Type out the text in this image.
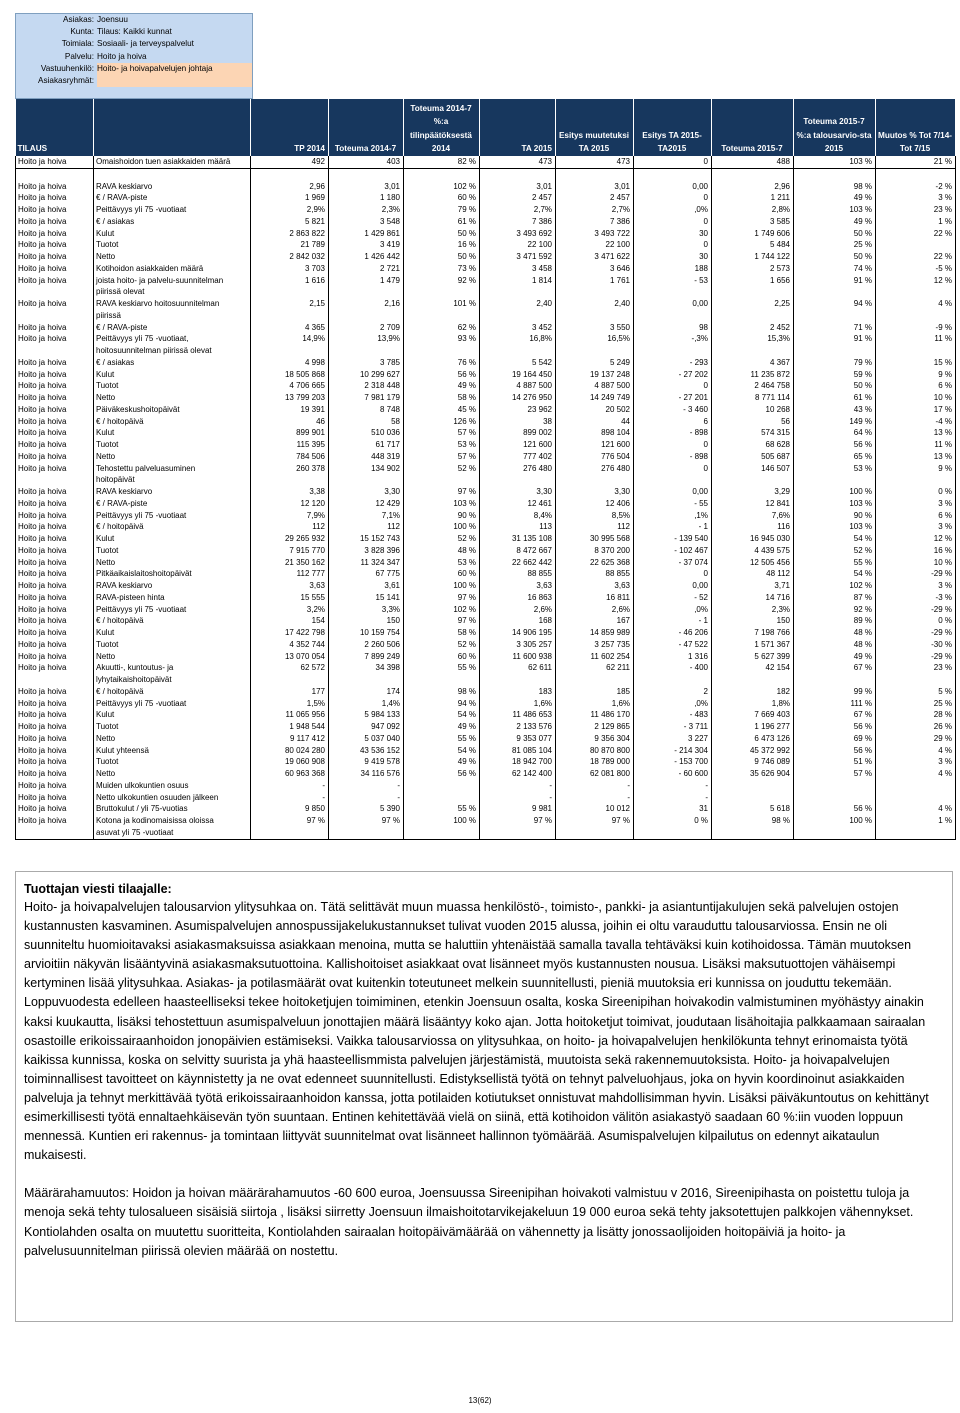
Asiakas: Joensuu
Kunta: Tilaus: Kaikki kunnat
Toimiala: Sosiaali- ja terveyspalvelut
Palvelu: Hoito ja hoiva
Vastuuhenkilö: Hoito- ja hoivapalvelujen johtaja
Asiakasryhmät:
TILAUS		TP 2014	Toteuma 2014-7	Toteuma 2014-7 %:a tilinpäätöksestä 2014	TA 2015	Esitys muutetuksi TA 2015	Esitys TA 2015-TA2015	Toteuma 2015-7	Toteuma 2015-7 %:a talousarvio-sta 2015	Muutos % Tot 7/14-Tot 7/15
Hoito ja hoiva	Omaishoidon tuen asiakkaiden määrä	492	403	82 %	473	473	0	488	103 %	21 %

Hoito ja hoiva	RAVA keskiarvo	2,96	3,01	102 %	3,01	3,01	0,00	2,96	98 %	-2 %
Hoito ja hoiva	€ / RAVA-piste	1 969	1 180	60 %	2 457	2 457	0	1 211	49 %	3 %
Hoito ja hoiva	Peittävyys yli 75 -vuotiaat	2,9%	2,3%	79 %	2,7%	2,7%	,0%	2,8%	103 %	23 %
Hoito ja hoiva	€ / asiakas	5 821	3 548	61 %	7 386	7 386	0	3 585	49 %	1 %
Hoito ja hoiva	Kulut	2 863 822	1 429 861	50 %	3 493 692	3 493 722	30	1 749 606	50 %	22 %
Hoito ja hoiva	Tuotot	21 789	3 419	16 %	22 100	22 100	0	5 484	25 %	
Hoito ja hoiva	Netto	2 842 032	1 426 442	50 %	3 471 592	3 471 622	30	1 744 122	50 %	22 %
Hoito ja hoiva	Kotihoidon asiakkaiden määrä	3 703	2 721	73 %	3 458	3 646	188	2 573	74 %	-5 %
Hoito ja hoiva	joista hoito- ja palvelu-suunnitelman	1 616	1 479	92 %	1 814	1 761	- 53	1 656	91 %	12 %
	piirissä olevat									
Hoito ja hoiva	RAVA keskiarvo hoitosuunnitelman	2,15	2,16	101 %	2,40	2,40	0,00	2,25	94 %	4 %
	piirissä									
Hoito ja hoiva	€ / RAVA-piste	4 365	2 709	62 %	3 452	3 550	98	2 452	71 %	-9 %
Hoito ja hoiva	Peittävyys yli 75 -vuotiaat,	14,9%	13,9%	93 %	16,8%	16,5%	-,3%	15,3%	91 %	11 %
	hoitosuunnitelman piirissä olevat									
Hoito ja hoiva	€ / asiakas	4 998	3 785	76 %	5 542	5 249	- 293	4 367	79 %	15 %
Hoito ja hoiva	Kulut	18 505 868	10 299 627	56 %	19 164 450	19 137 248	- 27 202	11 235 872	59 %	9 %
Hoito ja hoiva	Tuotot	4 706 665	2 318 448	49 %	4 887 500	4 887 500	0	2 464 758	50 %	6 %
Hoito ja hoiva	Netto	13 799 203	7 981 179	58 %	14 276 950	14 249 749	- 27 201	8 771 114	61 %	10 %
Hoito ja hoiva	Päiväkeskushoitopäivät	19 391	8 748	45 %	23 962	20 502	- 3 460	10 268	43 %	17 %
Hoito ja hoiva	€ / hoitopäivä	46	58	126 %	38	44	6	56	149 %	-4 %
Hoito ja hoiva	Kulut	899 901	510 036	57 %	899 002	898 104	- 898	574 315	64 %	13 %
Hoito ja hoiva	Tuotot	115 395	61 717	53 %	121 600	121 600	0	68 628	56 %	11 %
Hoito ja hoiva	Netto	784 506	448 319	57 %	777 402	776 504	- 898	505 687	65 %	13 %
Hoito ja hoiva	Tehostettu palveluasuminen	260 378	134 902	52 %	276 480	276 480	0	146 507	53 %	9 %
	hoitopäivät									
Hoito ja hoiva	RAVA keskiarvo	3,38	3,30	97 %	3,30	3,30	0,00	3,29	100 %	0 %
Hoito ja hoiva	€ / RAVA-piste	12 120	12 429	103 %	12 461	12 406	- 55	12 841	103 %	3 %
Hoito ja hoiva	Peittävyys yli 75 -vuotiaat	7,9%	7,1%	90 %	8,4%	8,5%	,1%	7,6%	90 %	6 %
Hoito ja hoiva	€ / hoitopäivä	112	112	100 %	113	112	- 1	116	103 %	3 %
Hoito ja hoiva	Kulut	29 265 932	15 152 743	52 %	31 135 108	30 995 568	- 139 540	16 945 030	54 %	12 %
Hoito ja hoiva	Tuotot	7 915 770	3 828 396	48 %	8 472 667	8 370 200	- 102 467	4 439 575	52 %	16 %
Hoito ja hoiva	Netto	21 350 162	11 324 347	53 %	22 662 442	22 625 368	- 37 074	12 505 456	55 %	10 %
Hoito ja hoiva	Pitkäaikaislaitoshoitopäivät	112 777	67 775	60 %	88 855	88 855	0	48 112	54 %	-29 %
Hoito ja hoiva	RAVA keskiarvo	3,63	3,61	100 %	3,63	3,63	0,00	3,71	102 %	3 %
Hoito ja hoiva	RAVA-pisteen hinta	15 555	15 141	97 %	16 863	16 811	- 52	14 716	87 %	-3 %
Hoito ja hoiva	Peittävyys yli 75 -vuotiaat	3,2%	3,3%	102 %	2,6%	2,6%	,0%	2,3%	92 %	-29 %
Hoito ja hoiva	€ / hoitopäivä	154	150	97 %	168	167	- 1	150	89 %	0 %
Hoito ja hoiva	Kulut	17 422 798	10 159 754	58 %	14 906 195	14 859 989	- 46 206	7 198 766	48 %	-29 %
Hoito ja hoiva	Tuotot	4 352 744	2 260 506	52 %	3 305 257	3 257 735	- 47 522	1 571 367	48 %	-30 %
Hoito ja hoiva	Netto	13 070 054	7 899 249	60 %	11 600 938	11 602 254	1 316	5 627 399	49 %	-29 %
Hoito ja hoiva	Akuutti-, kuntoutus- ja	62 572	34 398	55 %	62 611	62 211	- 400	42 154	67 %	23 %
	lyhytaikaishoitopäivät									
Hoito ja hoiva	€ / hoitopäivä	177	174	98 %	183	185	2	182	99 %	5 %
Hoito ja hoiva	Peittävyys yli 75 -vuotiaat	1,5%	1,4%	94 %	1,6%	1,6%	,0%	1,8%	111 %	25 %
Hoito ja hoiva	Kulut	11 065 956	5 984 133	54 %	11 486 653	11 486 170	- 483	7 669 403	67 %	28 %
Hoito ja hoiva	Tuotot	1 948 544	947 092	49 %	2 133 576	2 129 865	- 3 711	1 196 277	56 %	26 %
Hoito ja hoiva	Netto	9 117 412	5 037 040	55 %	9 353 077	9 356 304	3 227	6 473 126	69 %	29 %
Hoito ja hoiva	Kulut yhteensä	80 024 280	43 536 152	54 %	81 085 104	80 870 800	- 214 304	45 372 992	56 %	4 %
Hoito ja hoiva	Tuotot	19 060 908	9 419 578	49 %	18 942 700	18 789 000	- 153 700	9 746 089	51 %	3 %
Hoito ja hoiva	Netto	60 963 368	34 116 576	56 %	62 142 400	62 081 800	- 60 600	35 626 904	57 %	4 %
Hoito ja hoiva	Muiden ulkokuntien osuus	-	-		-	-	-			
Hoito ja hoiva	Netto ulkokuntien osuuden jälkeen	-	-		-	-	-			
Hoito ja hoiva	Bruttokulut / yli 75-vuotias	9 850	5 390	55 %	9 981	10 012	31	5 618	56 %	4 %
Hoito ja hoiva	Kotona ja kodinomaisissa oloissa	97 %	97 %	100 %	97 %	97 %	0 %	98 %	100 %	1 %
	asuvat yli 75 -vuotiaat									
Tuottajan viesti tilaajalle:

Hoito- ja hoivapalvelujen talousarvion ylitysuhkaa on. Tätä selittävät muun muassa henkilöstö-, toimisto-, pankki- ja asiantuntijakulujen sekä palvelujen ostojen kustannusten kasvaminen. Asumispalvelujen annospussijakelukustannukset tulivat vuoden 2015 alussa, joihin ei oltu varauduttu talousarviossa. Ensin ne oli suunniteltu huomioitavaksi asiakasmaksuissa asiakkaan menoina, mutta se haluttiin yhtenäistää samalla tavalla tehtäväksi kuin kotihoidossa. Tämän muutoksen arvioitiin näkyvän lisääntyvinä asiakasmaksutuottoina. Kallishoitoiset asiakkaat ovat lisänneet myös kustannusten nousua. Lisäksi maksutuottojen vähäisempi kertyminen lisää ylitysuhkaa. Asiakas- ja potilasmäärät ovat kuitenkin toteutuneet melkein suunnitellusti, pieniä muutoksia eri kunnissa on jouduttu tekemään. Loppuvuodesta edelleen haasteelliseksi tekee hoitoketjujen toimiminen, etenkin Joensuun osalta, koska Sireenipihan hoivakodin valmistuminen myöhästyy ainakin kaksi kuukautta, lisäksi tehostettuun asumispalveluun jonottajien määrä lisääntyy koko ajan. Jotta hoitoketjut toimivat, joudutaan lisähoitajia palkkaamaan sairaalan osastoille erikoissairaanhoidon jonopäivien estämiseksi. Vaikka talousarviossa on ylitysuhkaa, on hoito- ja hoivapalvelujen henkilökunta tehnyt erinomaista työtä kaikissa kunnissa, koska on selvitty suurista ja yhä haasteellismmista palvelujen järjestämistä, muutoista sekä rakennemuutoksista. Hoito- ja hoivapalvelujen toiminnallisest tavoitteet on käynnistetty ja ne ovat edenneet suunnitellusti. Edistyksellistä työtä on tehnyt palveluohjaus, joka on hyvin koordinoinut asiakkaiden palveluja ja tehnyt merkittävää työtä erikoissairaanhoidon kanssa, jotta potilaiden kotiutukset onnistuvat mahdollisimman hyvin. Lisäksi päiväkuntoutus on kehittänyt esimerkillisesti työtä ennaltaehkäisevän työn suuntaan. Entinen kehitettävää vielä on siinä, että kotihoidon välitön asiakastyö saadaan 60 %:iin vuoden loppuun mennessä. Kuntien eri rakennus- ja tomintaan liittyvät suunnitelmat ovat lisänneet hallinnon työmäärää. Asumispalvelujen kilpailutus on edennyt aikataulun mukaisesti.

Määrärahamuutos: Hoidon ja hoivan määrärahamuutos -60 600 euroa, Joensuussa Sireenipihan hoivakoti valmistuu v 2016, Sireenipihasta on poistettu tuloja ja menoja sekä tehty tulosalueen sisäisiä siirtoja , lisäksi siirretty Joensuun ilmaishoitotarvikejakeluun 19 000 euroa sekä tehty jaksotettujen palkkojen vähennykset. Kontiolahden osalta on muutettu suoritteita, Kontiolahden sairaalan hoitopäivämäärää on vähennetty ja lisätty jonossaolijoiden hoitopäiviä ja hoito- ja palvelusuunnitelman piirissä olevien määrää on nostettu.

13(62)
